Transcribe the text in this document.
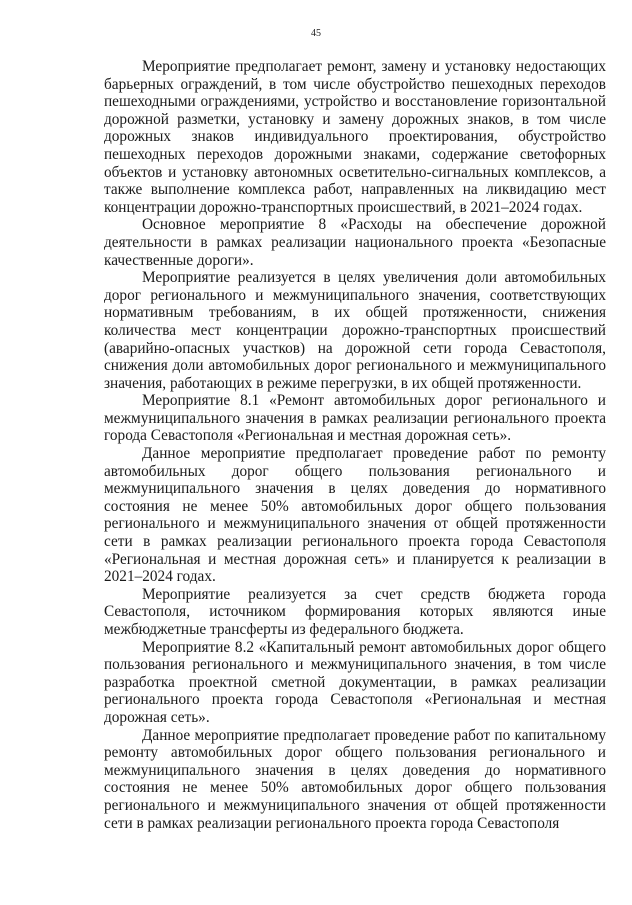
45

Мероприятие предполагает ремонт, замену и установку недостающих барьерных ограждений, в том числе обустройство пешеходных переходов пешеходными ограждениями, устройство и восстановление горизонтальной дорожной разметки, установку и замену дорожных знаков, в том числе дорожных знаков индивидуального проектирования, обустройство пешеходных переходов дорожными знаками, содержание светофорных объектов и установку автономных осветительно-сигнальных комплексов, а также выполнение комплекса работ, направленных на ликвидацию мест концентрации дорожно-транспортных происшествий, в 2021–2024 годах.

Основное мероприятие 8 «Расходы на обеспечение дорожной деятельности в рамках реализации национального проекта «Безопасные качественные дороги».

Мероприятие реализуется в целях увеличения доли автомобильных дорог регионального и межмуниципального значения, соответствующих нормативным требованиям, в их общей протяженности, снижения количества мест концентрации дорожно-транспортных происшествий (аварийно-опасных участков) на дорожной сети города Севастополя, снижения доли автомобильных дорог регионального и межмуниципального значения, работающих в режиме перегрузки, в их общей протяженности.

Мероприятие 8.1 «Ремонт автомобильных дорог регионального и межмуниципального значения в рамках реализации регионального проекта города Севастополя «Региональная и местная дорожная сеть».

Данное мероприятие предполагает проведение работ по ремонту автомобильных дорог общего пользования регионального и межмуниципального значения в целях доведения до нормативного состояния не менее 50% автомобильных дорог общего пользования регионального и межмуниципального значения от общей протяженности сети в рамках реализации регионального проекта города Севастополя «Региональная и местная дорожная сеть» и планируется к реализации в 2021–2024 годах.

Мероприятие реализуется за счет средств бюджета города Севастополя, источником формирования которых являются иные межбюджетные трансферты из федерального бюджета.

Мероприятие 8.2 «Капитальный ремонт автомобильных дорог общего пользования регионального и межмуниципального значения, в том числе разработка проектной сметной документации, в рамках реализации регионального проекта города Севастополя «Региональная и местная дорожная сеть».

Данное мероприятие предполагает проведение работ по капитальному ремонту автомобильных дорог общего пользования регионального и межмуниципального значения в целях доведения до нормативного состояния не менее 50% автомобильных дорог общего пользования регионального и межмуниципального значения от общей протяженности сети в рамках реализации регионального проекта города Севастополя
